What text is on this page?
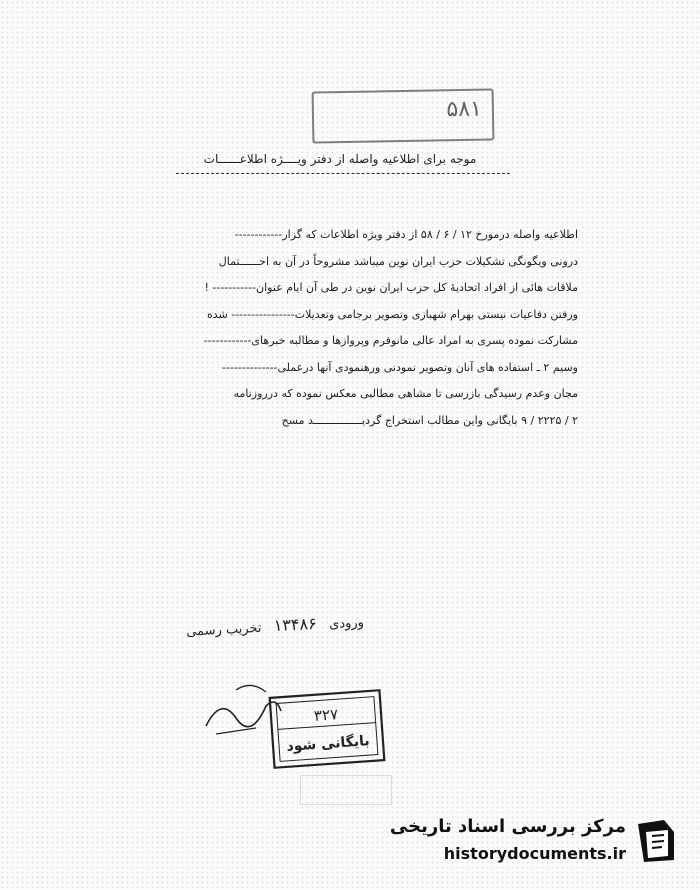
۵۸۱
موجه برای اطلاعیه واصله از دفتر ویــــژه اطلاعــــــات
اطلاعیه واصله درمورخ ۱۲ / ۶ / ۵۸ از دفتر ویژه اطلاعات که گزار‑‑‑‑‑‑‑‑‑‑‑‑
درونی ویگونگی تشکیلات حزب ایران نوین میباشد مشروحاً در آن به احــــــتمال
ملاقات هائی از افراد اتحادیهٔ کل حزب ایران نوین در طی آن ایام عنوان‑‑‑‑‑‑‑‑‑‑‑ !
ورفتن دفاعیات نیستی بهرام شهبازی وتصویر برجامی وتعدیلات‑‑‑‑‑‑‑‑‑‑‑‑‑‑‑‑ شده
مشارکت نموده پسری به امراد عالی مانوفرم وپرواز‌ها و مطالبه خبرهای‑‑‑‑‑‑‑‑‑‑‑‑
وسیم ۲ ـ استفاده های آنان وتصویر نمودنی ورهنمودی آنها درعملی‑‑‑‑‑‑‑‑‑‑‑‑‑‑
مجان وعدم رسیدگی بازرسی تا مشاهی مطالبی معکس نموده که درروزنامه
۲ / ۲۲۲۵ / ۹ بایگانی واین مطالب استخراج گردیـــــــــــــــد مسح
ورودی   ۱۳۴۸۶   تخریب رسمی
۳۲۷
بایگانی شود
مرکز بررسی اسناد تاریخی
historydocuments.ir
